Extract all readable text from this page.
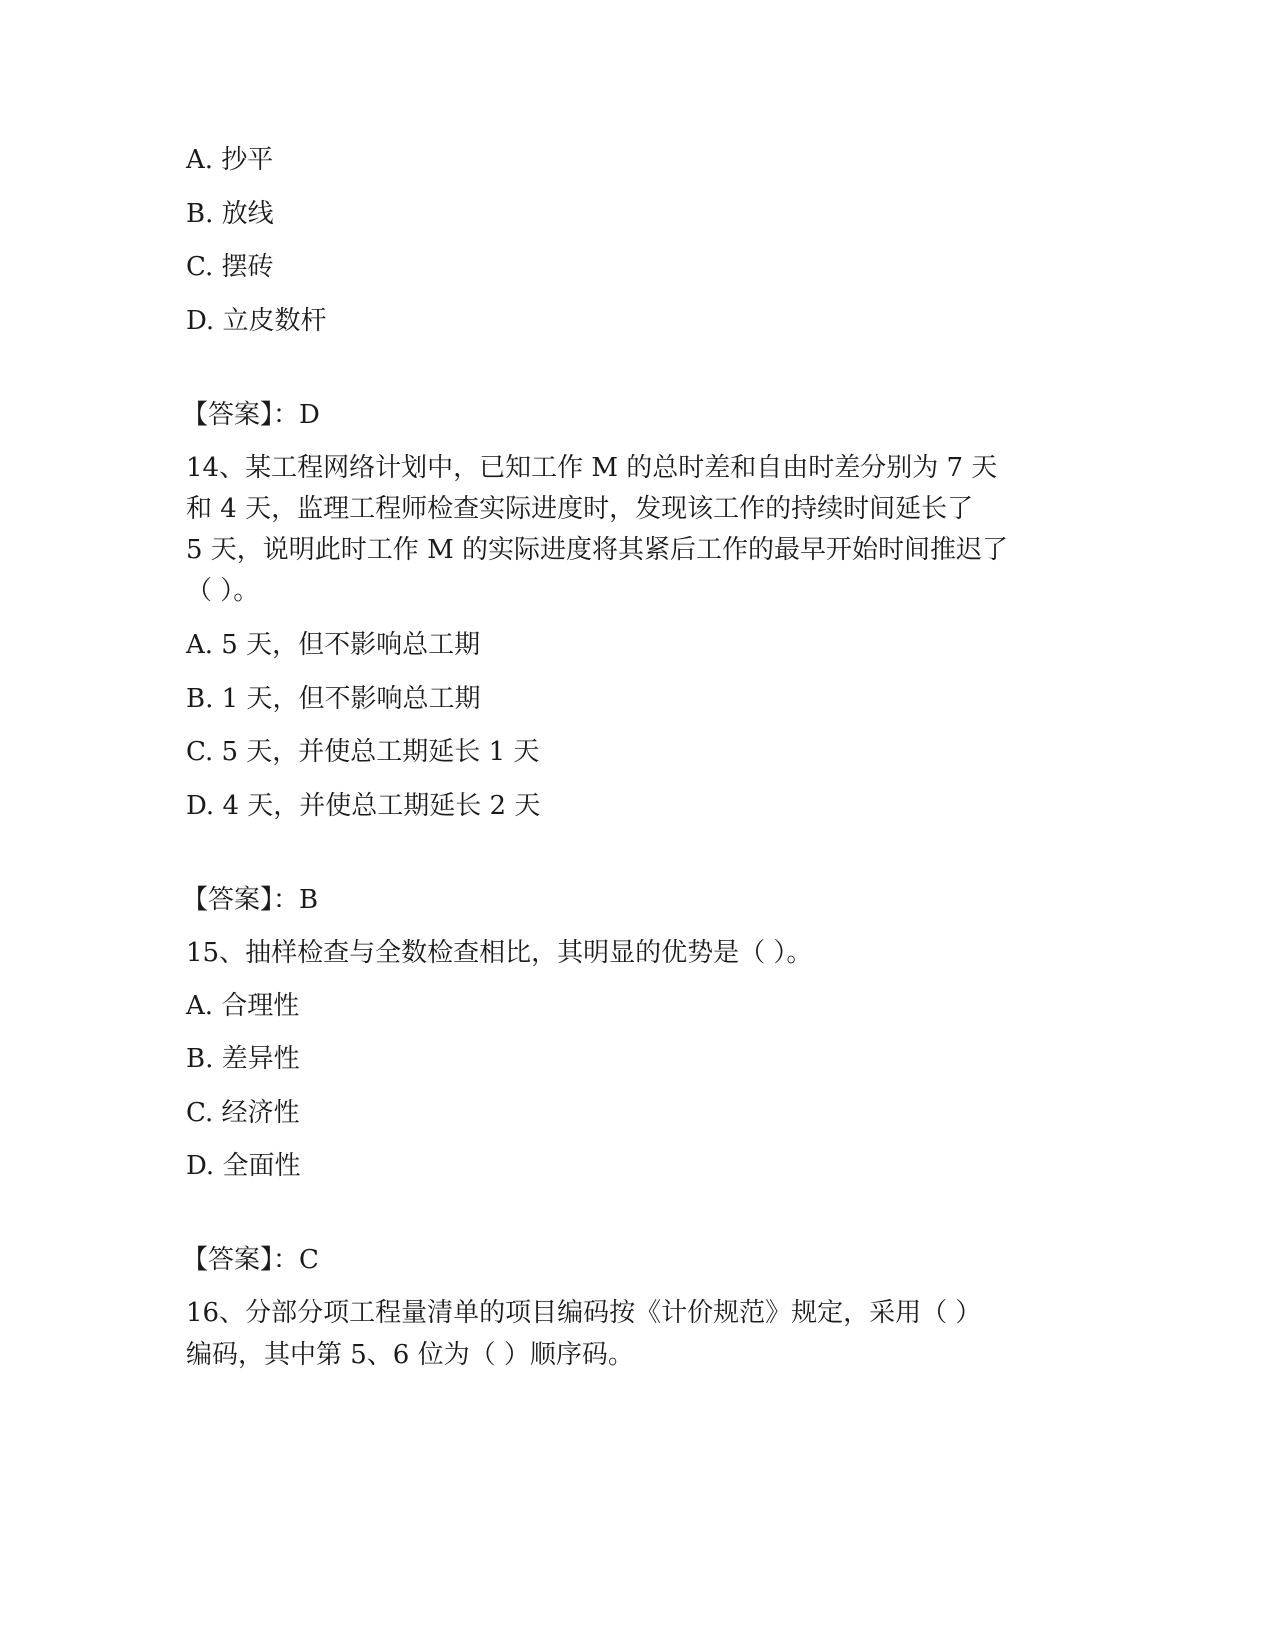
A. 抄平
B. 放线
C. 摆砖
D. 立皮数杆
【答案】：D
14、某工程网络计划中，已知工作 M 的总时差和自由时差分别为 7 天
和 4 天，监理工程师检查实际进度时，发现该工作的持续时间延长了
5 天，说明此时工作 M 的实际进度将其紧后工作的最早开始时间推迟了
（ ）。
A. 5 天，但不影响总工期
B. 1 天，但不影响总工期
C. 5 天，并使总工期延长 1 天
D. 4 天，并使总工期延长 2 天
【答案】：B
15、抽样检查与全数检查相比，其明显的优势是（ ）。
A. 合理性
B. 差异性
C. 经济性
D. 全面性
【答案】：C
16、分部分项工程量清单的项目编码按《计价规范》规定，采用（ ）
编码，其中第 5、6 位为（ ）顺序码。
